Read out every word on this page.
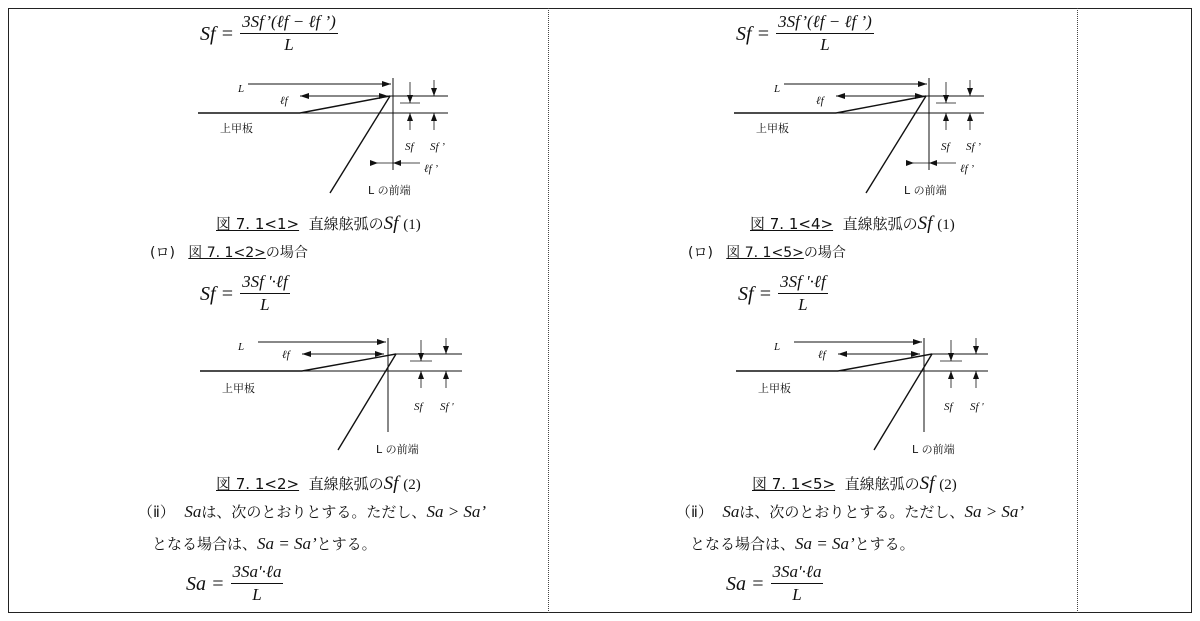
$Sf = \frac{\text{3Sf’(ℓf − ℓf ’)}}{L}$
L
ℓf
上甲板
Sf Sf ’
ℓf ’
L の前端
図 7. 1<1> 直線舷弧のSf (1)
(ロ) 図 7. 1<2>の場合
$Sf = \frac{\text{3Sf '·ℓf}}{L}$
L
ℓf
上甲板
Sf Sf '
L の前端
図 7. 1<2> 直線舷弧のSf (2)
（ⅱ） Saは、次のとおりとする。ただし、Sa > Sa’
となる場合は、Sa = Sa’とする。
$Sa = \frac{\text{3Sa'·ℓa}}{L}$
$Sf = \frac{\text{3Sf’(ℓf − ℓf ’)}}{L}$
L
ℓf
上甲板
Sf Sf ’
ℓf ’
L の前端
図 7. 1<4> 直線舷弧のSf (1)
(ロ) 図 7. 1<5>の場合
$Sf = \frac{\text{3Sf '·ℓf}}{L}$
L
ℓf
上甲板
Sf Sf '
L の前端
図 7. 1<5> 直線舷弧のSf (2)
（ⅱ） Saは、次のとおりとする。ただし、Sa > Sa’
となる場合は、Sa = Sa’とする。
$Sa = \frac{\text{3Sa'·ℓa}}{L}$
